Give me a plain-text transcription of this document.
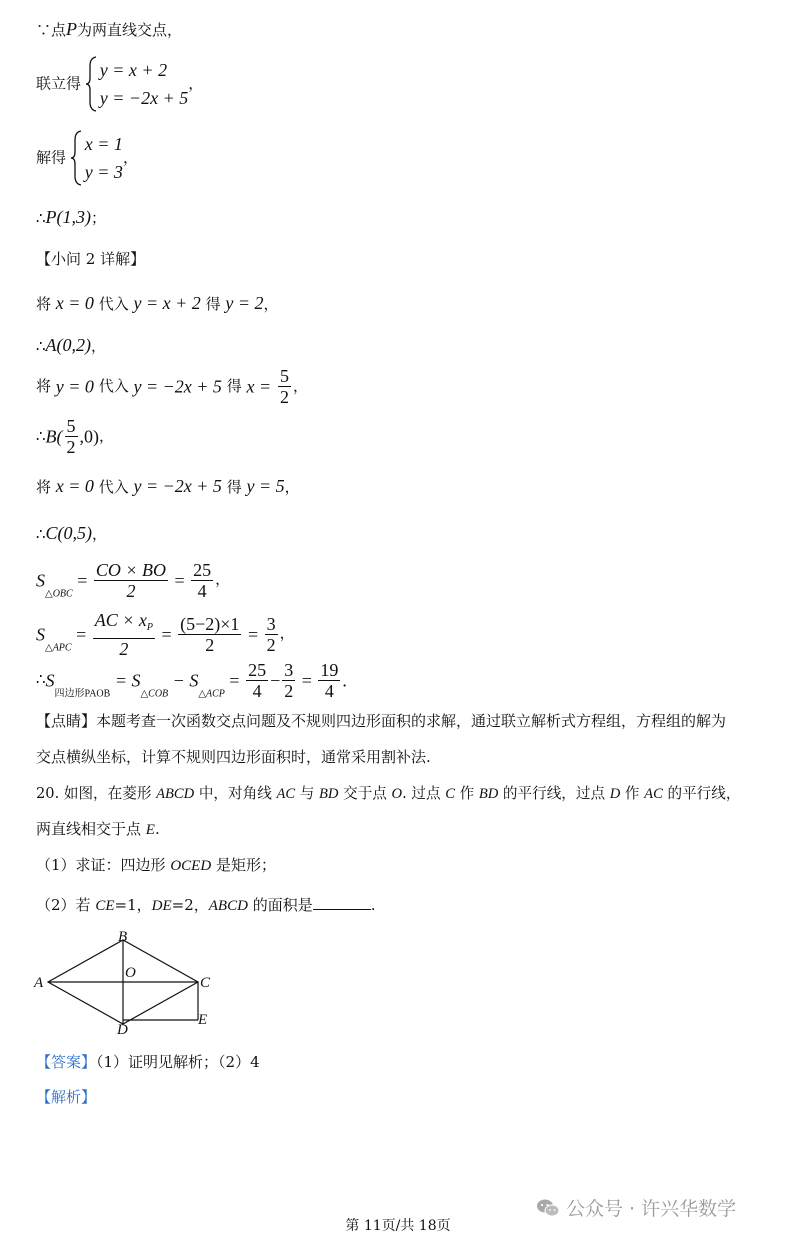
∵点P为两直线交点，
联立得
y = x + 2
y = −2x + 5
，
解得
x = 1
y = 3
，
∴P(1,3)；
【小问 2 详解】
将 x = 0 代入 y = x + 2 得 y = 2，
∴A(0,2)，
将 y = 0 代入 y = −2x + 5 得 $x = \frac{5}{2}$ ，
∴B( $\frac{5}{2} ,0$)，
将 x = 0 代入 y = −2x + 5 得 y = 5，
∴C(0,5)，
$S_{\triangle OBC} = \frac{CO \times BO}{2} = \frac{25}{4}$ ，
$S_{\triangle APC} = \frac{AC \times x_P}{2} = \frac{(5-2)\times 1}{2} = \frac{3}{2}$ ，
$\therefore S_{四边形PAOB} = S_{\triangle COB} - S_{\triangle ACP} = \frac{25}{4} - \frac{3}{2} = \frac{19}{4}$ .
【点睛】本题考查一次函数交点问题及不规则四边形面积的求解，通过联立解析式方程组，方程组的解为
交点横纵坐标，计算不规则四边形面积时，通常采用割补法.
20. 如图，在菱形 ABCD 中，对角线 AC 与 BD 交于点 O. 过点 C 作 BD 的平行线，过点 D 作 AC 的平行线，
两直线相交于点 E.
（1）求证：四边形 OCED 是矩形；
（2）若 CE=1，DE=2，ABCD 的面积是	.
A
B
C
D
E
O
【答案】（1）证明见解析；（2）4
【解析】
公众号 · 许兴华数学
第 11页/共 18页
